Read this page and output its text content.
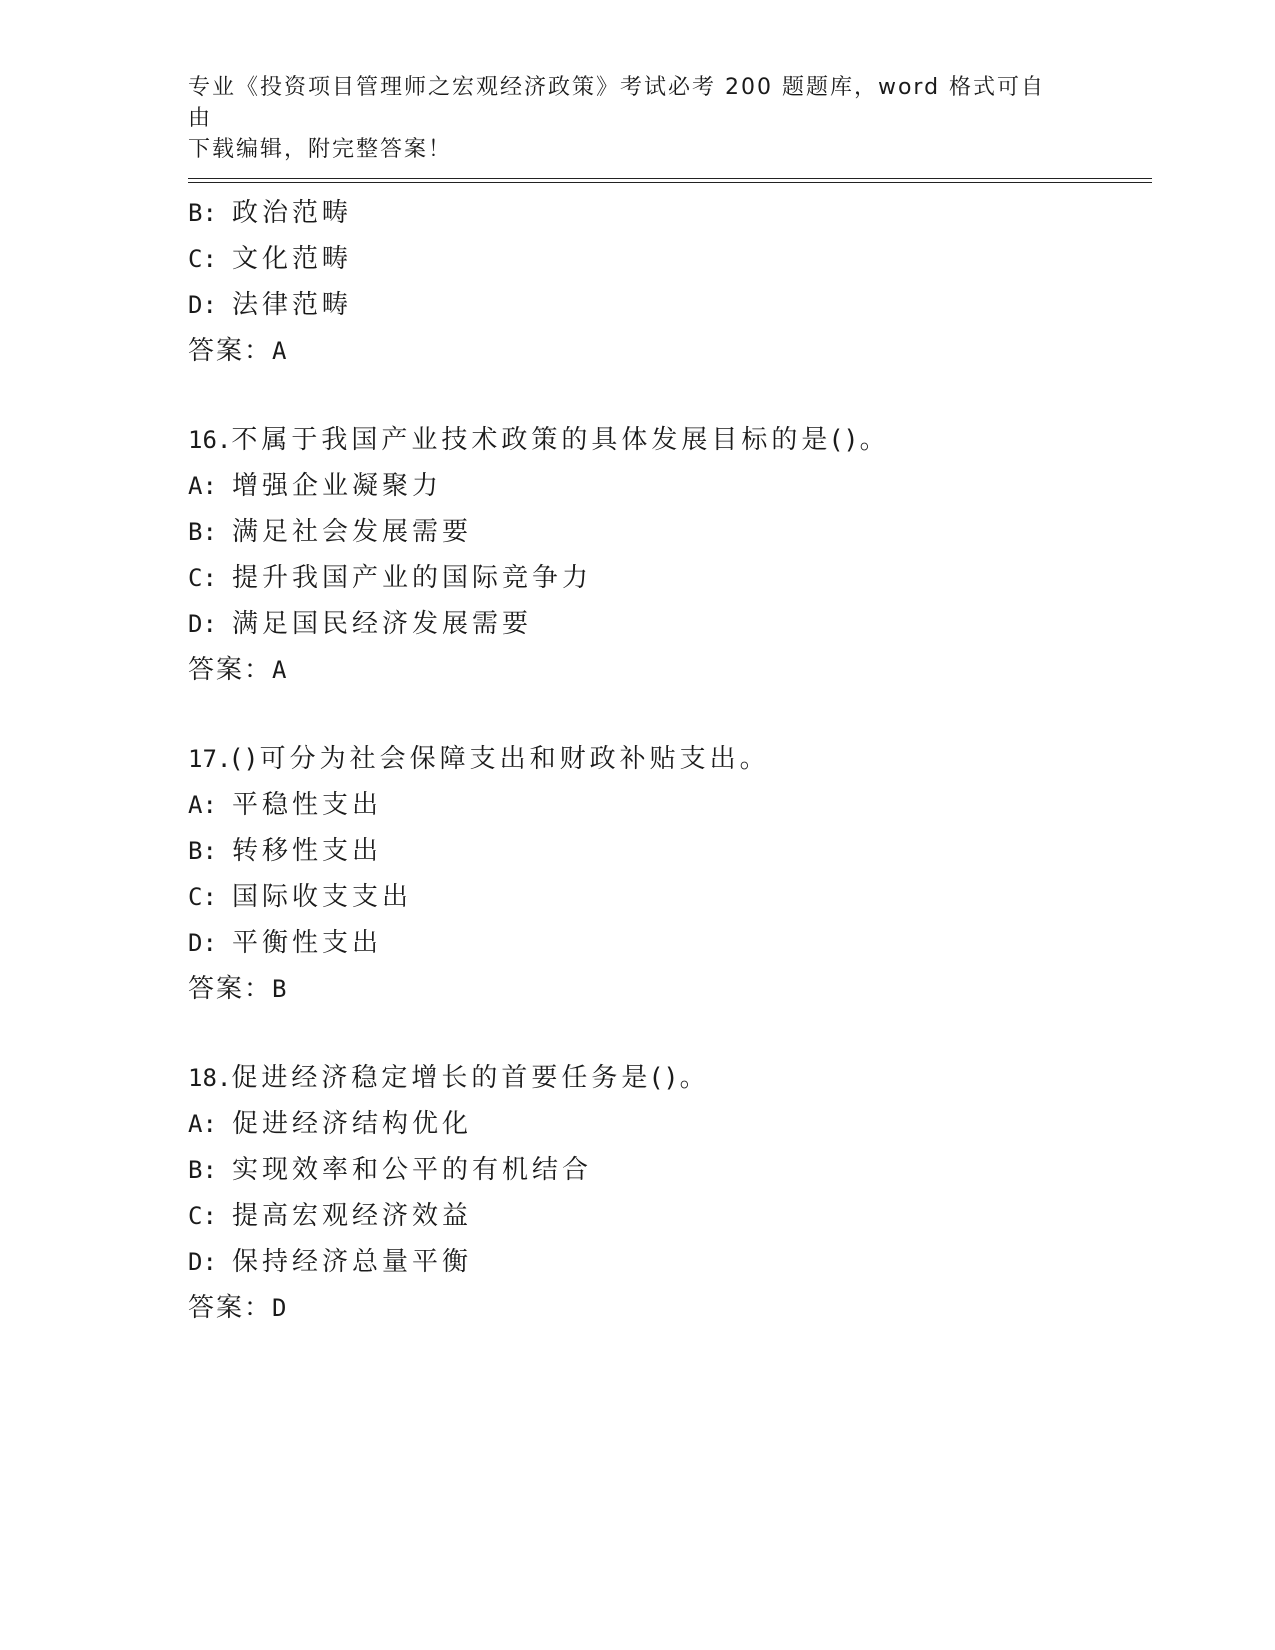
专业《投资项目管理师之宏观经济政策》考试必考 200 题题库，word 格式可自由
下载编辑，附完整答案！
B: 政治范畴
C: 文化范畴
D: 法律范畴
答案：A
16.不属于我国产业技术政策的具体发展目标的是()。
A: 增强企业凝聚力
B: 满足社会发展需要
C: 提升我国产业的国际竞争力
D: 满足国民经济发展需要
答案：A
17.()可分为社会保障支出和财政补贴支出。
A: 平稳性支出
B: 转移性支出
C: 国际收支支出
D: 平衡性支出
答案：B
18.促进经济稳定增长的首要任务是()。
A: 促进经济结构优化
B: 实现效率和公平的有机结合
C: 提高宏观经济效益
D: 保持经济总量平衡
答案：D
